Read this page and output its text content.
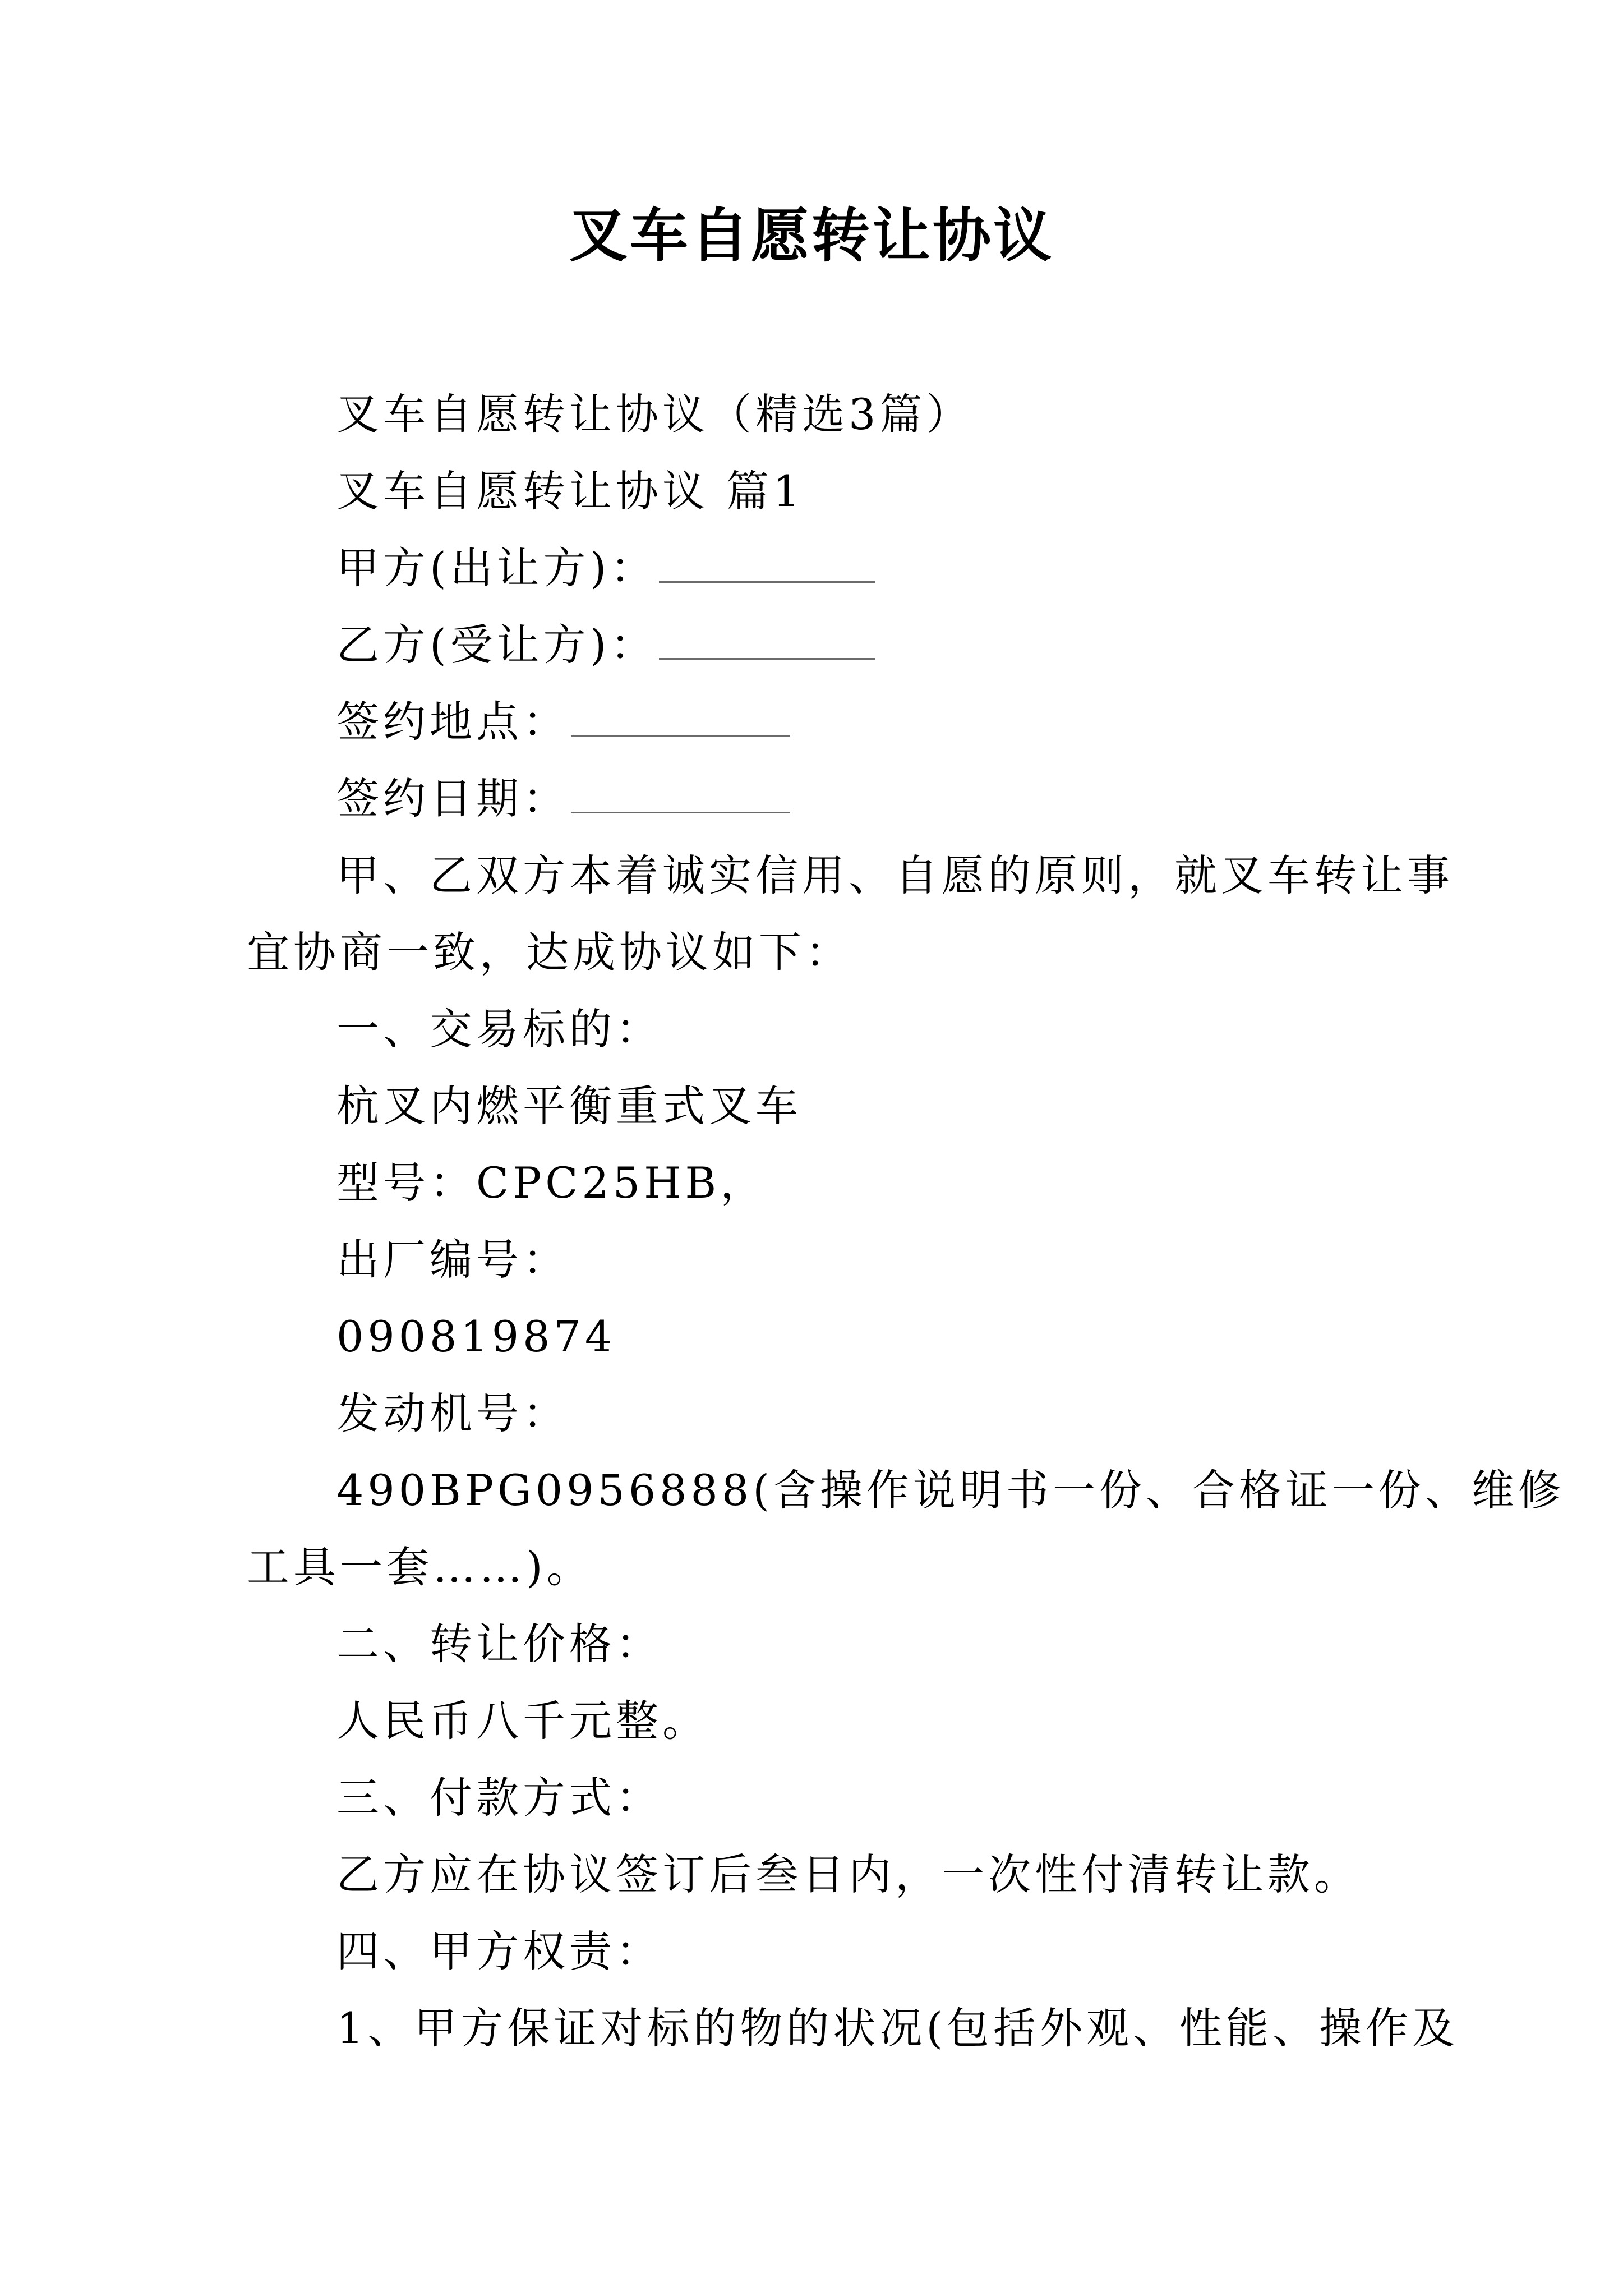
叉车自愿转让协议

叉车自愿转让协议（精选3篇）

叉车自愿转让协议 篇1

甲方(出让方)：

乙方(受让方)：

签约地点：

签约日期：

甲、乙双方本着诚实信用、自愿的原则，就叉车转让事

宜协商一致，达成协议如下：

一、交易标的：

杭叉内燃平衡重式叉车

型号：CPC25HB，

出厂编号：

090819874

发动机号：

490BPG0956888(含操作说明书一份、合格证一份、维修

工具一套……)。

二、转让价格：

人民币八千元整。

三、付款方式：

乙方应在协议签订后叁日内，一次性付清转让款。

四、甲方权责：

1、甲方保证对标的物的状况(包括外观、性能、操作及
